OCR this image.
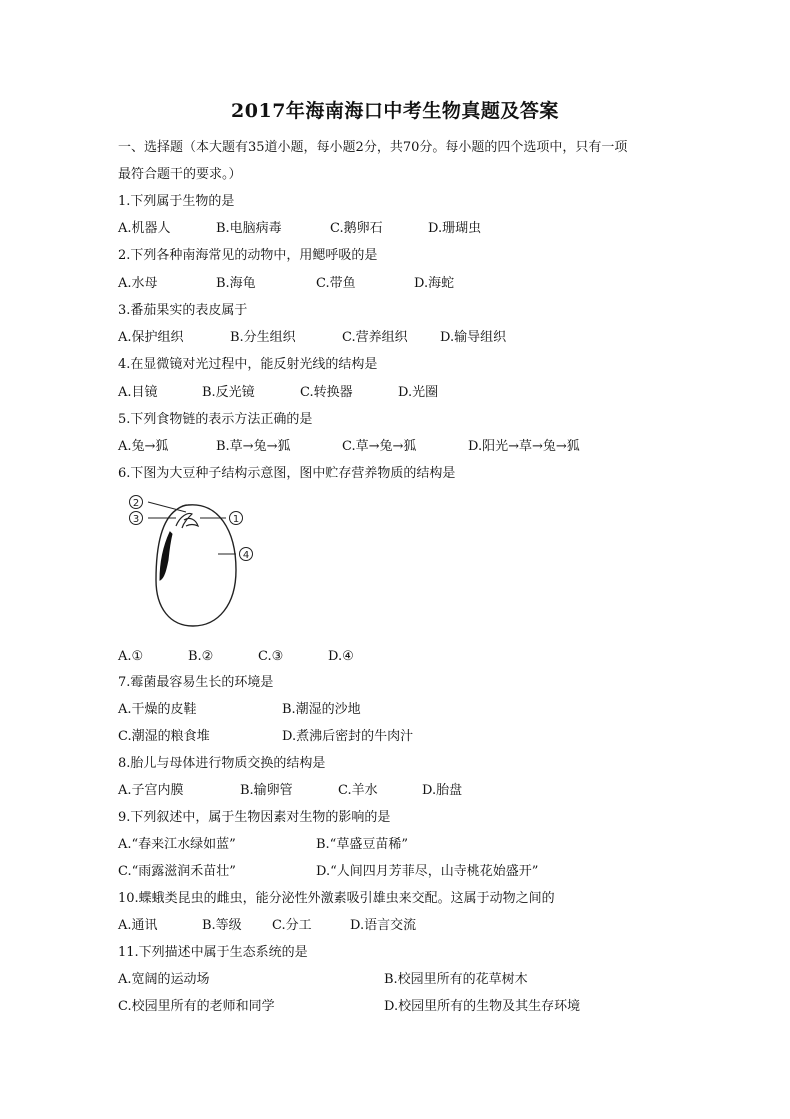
2017年海南海口中考生物真题及答案
一、选择题（本大题有35道小题，每小题2分，共70分。每小题的四个选项中，只有一项
最符合题干的要求。）
1.下列属于生物的是
A.机器人	B.电脑病毒	C.鹅卵石	D.珊瑚虫
2.下列各种南海常见的动物中，用鳃呼吸的是
A.水母	B.海龟	C.带鱼	D.海蛇
3.番茄果实的表皮属于
A.保护组织	B.分生组织	C.营养组织 D.输导组织
4.在显微镜对光过程中，能反射光线的结构是
A.目镜	B.反光镜	C.转换器	D.光圈
5.下列食物链的表示方法正确的是
A.兔→狐	B.草→兔→狐	C.草→兔→狐	D.阳光→草→兔→狐
6.下图为大豆种子结构示意图，图中贮存营养物质的结构是
2
3	1
4
A.①	B.②	C.③	D.④
7.霉菌最容易生长的环境是
A.干燥的皮鞋	B.潮湿的沙地
C.潮湿的粮食堆	D.煮沸后密封的牛肉汁
8.胎儿与母体进行物质交换的结构是
A.子宫内膜	B.输卵管	C.羊水	D.胎盘
9.下列叙述中，属于生物因素对生物的影响的是
A.“春来江水绿如蓝”	B.“草盛豆苗稀”
C.“雨露滋润禾苗壮”	D.“人间四月芳菲尽，山寺桃花始盛开”
10.蝶蛾类昆虫的雌虫，能分泌性外激素吸引雄虫来交配。这属于动物之间的
A.通讯	B.等级 C.分工	D.语言交流
11.下列描述中属于生态系统的是
A.宽阔的运动场	B.校园里所有的花草树木
C.校园里所有的老师和同学	D.校园里所有的生物及其生存环境
